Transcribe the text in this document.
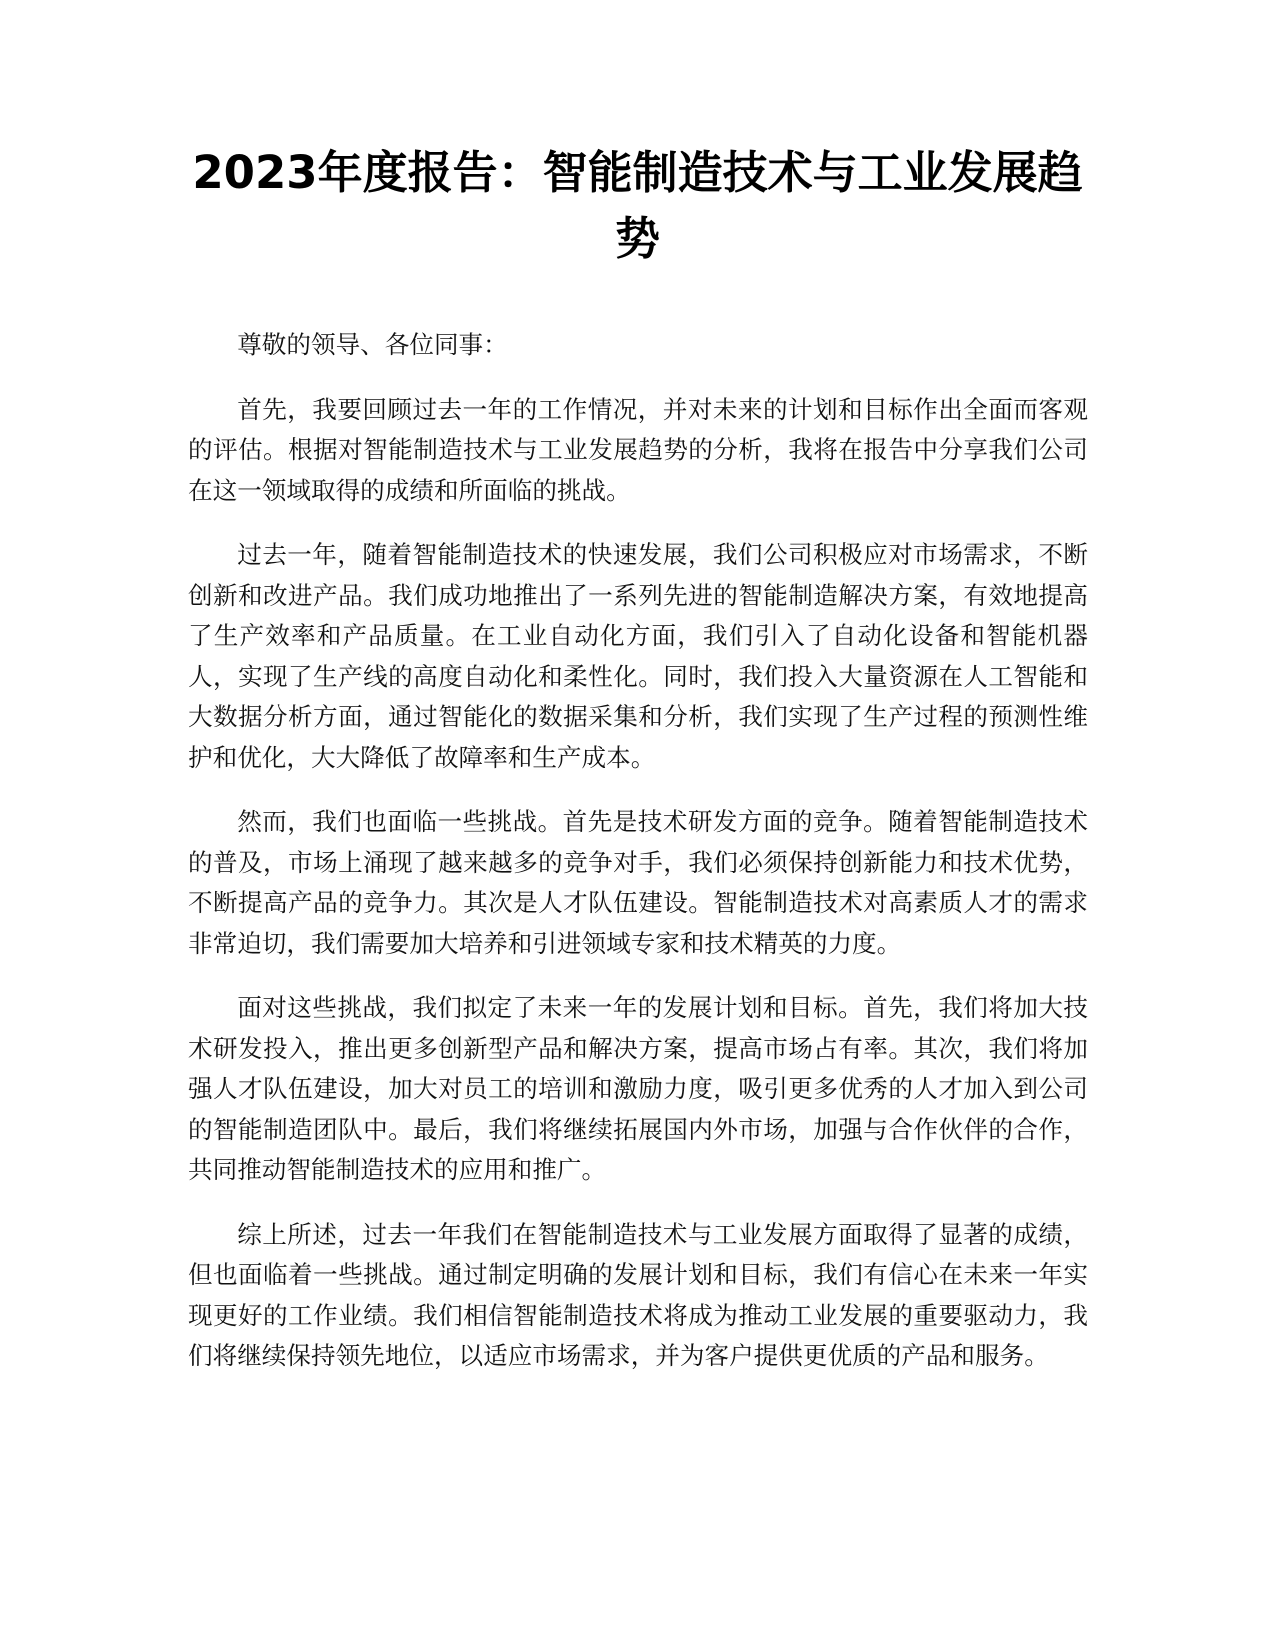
2023年度报告：智能制造技术与工业发展趋势

尊敬的领导、各位同事：

首先，我要回顾过去一年的工作情况，并对未来的计划和目标作出全面而客观的评估。根据对智能制造技术与工业发展趋势的分析，我将在报告中分享我们公司在这一领域取得的成绩和所面临的挑战。

过去一年，随着智能制造技术的快速发展，我们公司积极应对市场需求，不断创新和改进产品。我们成功地推出了一系列先进的智能制造解决方案，有效地提高了生产效率和产品质量。在工业自动化方面，我们引入了自动化设备和智能机器人，实现了生产线的高度自动化和柔性化。同时，我们投入大量资源在人工智能和大数据分析方面，通过智能化的数据采集和分析，我们实现了生产过程的预测性维护和优化，大大降低了故障率和生产成本。

然而，我们也面临一些挑战。首先是技术研发方面的竞争。随着智能制造技术的普及，市场上涌现了越来越多的竞争对手，我们必须保持创新能力和技术优势，不断提高产品的竞争力。其次是人才队伍建设。智能制造技术对高素质人才的需求非常迫切，我们需要加大培养和引进领域专家和技术精英的力度。

面对这些挑战，我们拟定了未来一年的发展计划和目标。首先，我们将加大技术研发投入，推出更多创新型产品和解决方案，提高市场占有率。其次，我们将加强人才队伍建设，加大对员工的培训和激励力度，吸引更多优秀的人才加入到公司的智能制造团队中。最后，我们将继续拓展国内外市场，加强与合作伙伴的合作，共同推动智能制造技术的应用和推广。

综上所述，过去一年我们在智能制造技术与工业发展方面取得了显著的成绩，但也面临着一些挑战。通过制定明确的发展计划和目标，我们有信心在未来一年实现更好的工作业绩。我们相信智能制造技术将成为推动工业发展的重要驱动力，我们将继续保持领先地位，以适应市场需求，并为客户提供更优质的产品和服务。
